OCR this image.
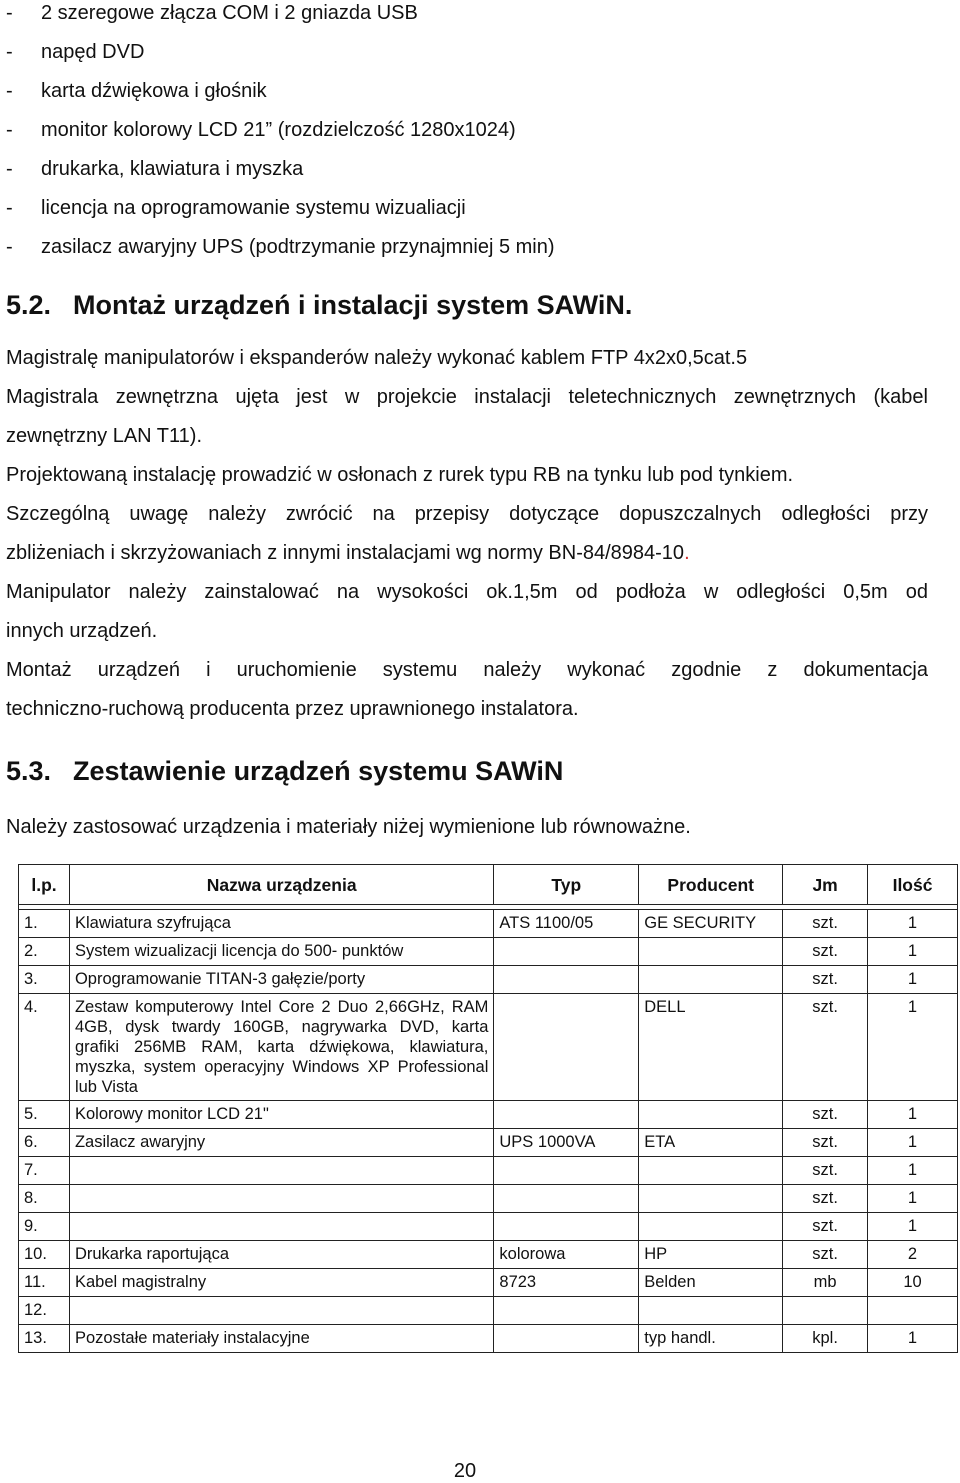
-	2 szeregowe złącza COM i 2 gniazda USB
-	napęd DVD
-	karta dźwiękowa i głośnik
-	monitor kolorowy LCD 21” (rozdzielczość 1280x1024)
-	drukarka, klawiatura i myszka
-	licencja na oprogramowanie systemu wizualiacji
-	zasilacz awaryjny UPS (podtrzymanie przynajmniej 5 min)
5.2. Montaż urządzeń i instalacji system SAWiN.
Magistralę manipulatorów i ekspanderów należy wykonać kablem FTP 4x2x0,5cat.5
Magistrala zewnętrzna ujęta jest w projekcie instalacji teletechnicznych zewnętrznych (kabel
zewnętrzny LAN T11).
Projektowaną instalację prowadzić w osłonach z rurek typu RB na tynku lub pod tynkiem.
Szczególną uwagę należy zwrócić na przepisy dotyczące dopuszczalnych odległości przy
zbliżeniach i skrzyżowaniach z innymi instalacjami wg normy BN-84/8984-10.
Manipulator należy zainstalować na wysokości ok.1,5m od podłoża w odległości 0,5m od
innych urządzeń.
Montaż urządzeń i uruchomienie systemu należy wykonać zgodnie z dokumentacja
techniczno-ruchową producenta przez uprawnionego instalatora.
5.3. Zestawienie urządzeń systemu SAWiN
Należy zastosować urządzenia i materiały niżej wymienione lub równoważne.
l.p.	Nazwa urządzenia	Typ	Producent	Jm	Ilość

1.	Klawiatura szyfrująca	ATS 1100/05	GE SECURITY	szt.	1
2.	System wizualizacji licencja do 500- punktów			szt.	1
3.	Oprogramowanie TITAN-3 gałęzie/porty			szt.	1
4.	Zestaw komputerowy Intel Core 2 Duo 2,66GHz, RAM 4GB, dysk twardy 160GB, nagrywarka DVD, karta grafiki 256MB RAM, karta dźwiękowa, klawiatura, myszka, system operacyjny Windows XP Professional lub Vista		DELL	szt.	1
5.	Kolorowy monitor LCD 21"			szt.	1
6.	Zasilacz awaryjny	UPS 1000VA	ETA	szt.	1
7.				szt.	1
8.				szt.	1
9.				szt.	1
10.	Drukarka raportująca	kolorowa	HP	szt.	2
11.	Kabel magistralny	8723	Belden	mb	10
12.					
13.	Pozostałe materiały instalacyjne		typ handl.	kpl.	1
20
